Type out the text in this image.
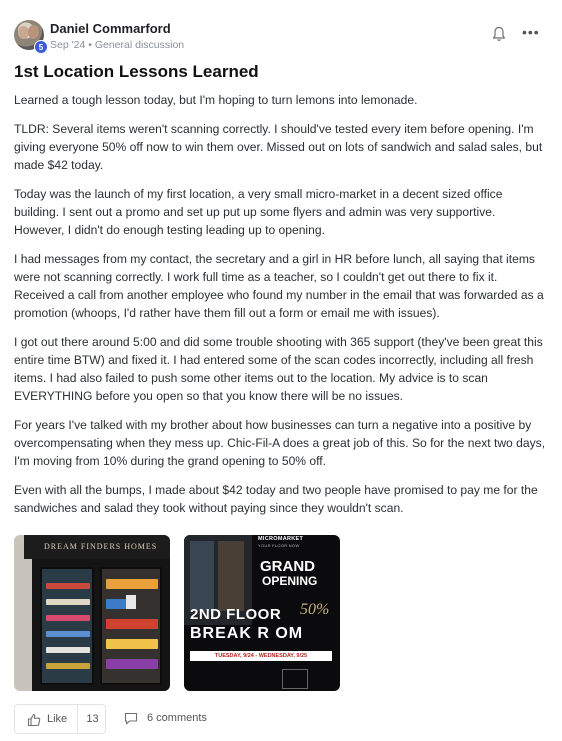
5
Daniel Commarford
Sep '24 • General discussion
•••
1st Location Lessons Learned

Learned a tough lesson today, but I'm hoping to turn lemons into lemonade.

TLDR: Several items weren't scanning correctly. I should've tested every item before opening. I'm giving everyone 50% off now to win them over. Missed out on lots of sandwich and salad sales, but made $42 today.

Today was the launch of my first location, a very small micro-market in a decent sized office building. I sent out a promo and set up put up some flyers and admin was very supportive. However, I didn't do enough testing leading up to opening.

I had messages from my contact, the secretary and a girl in HR before lunch, all saying that items were not scanning correctly. I work full time as a teacher, so I couldn't get out there to fix it. Received a call from another employee who found my number in the email that was forwarded as a promotion (whoops, I'd rather have them fill out a form or email me with issues).

I got out there around 5:00 and did some trouble shooting with 365 support (they've been great this entire time BTW) and fixed it. I had entered some of the scan codes incorrectly, including all fresh items. I had also failed to push some other items out to the location. My advice is to scan EVERYTHING before you open so that you know there will be no issues.

For years I've talked with my brother about how businesses can turn a negative into a positive by overcompensating when they mess up. Chic-Fil-A does a great job of this. So for the next two days, I'm moving from 10% during the grand opening to 50% off.

Even with all the bumps, I made about $42 today and two people have promised to pay me for the sandwiches and salad they took without paying since they wouldn't scan.

DREAM FINDERS HOMES
MICROMARKET
YOUR FLOOR NOW
GRAND
OPENING
2ND FLOOR 50%
BREAK R OM
TUESDAY, 9/24 - WEDNESDAY, 9/25
Like	13	6 comments
